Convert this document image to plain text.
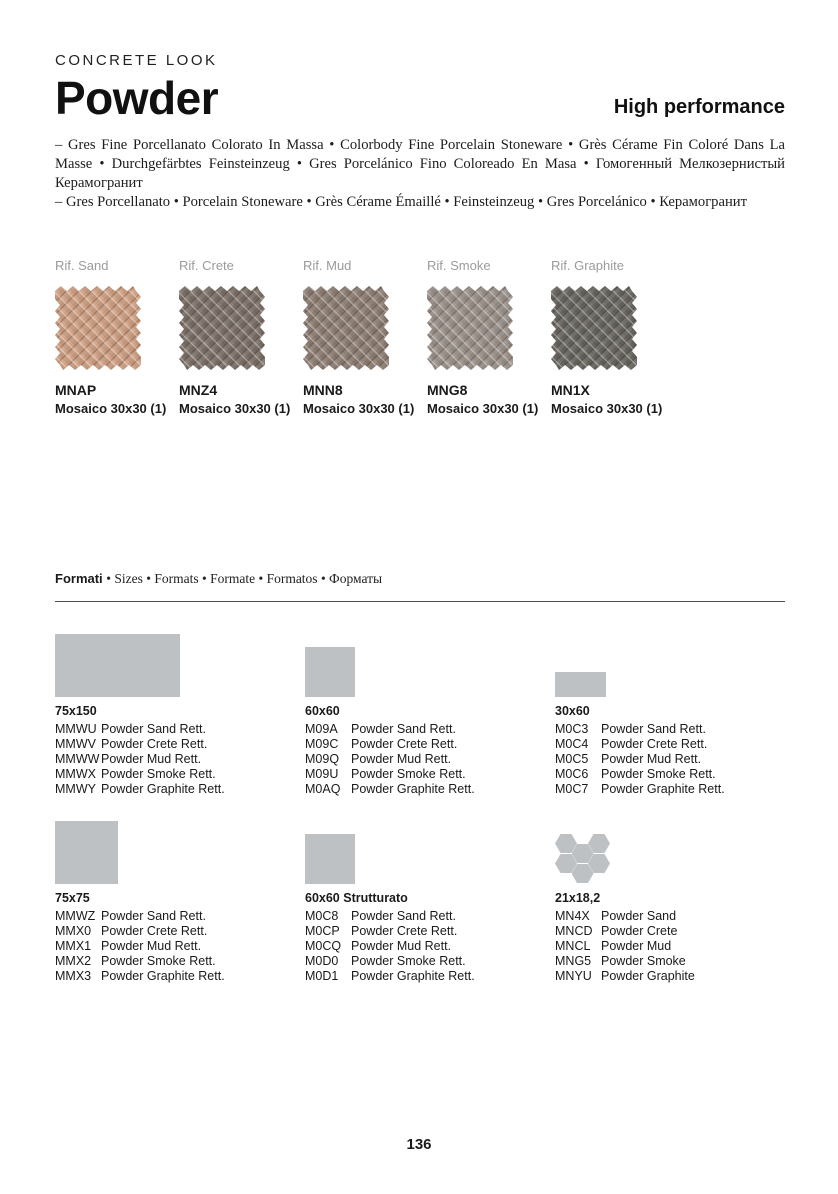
CONCRETE LOOK
Powder	High performance

– Gres Fine Porcellanato Colorato In Massa • Colorbody Fine Porcelain Stoneware • Grès Cérame Fin Coloré Dans La Masse • Durchgefärbtes Feinsteinzeug • Gres Porcelánico Fino Coloreado En Masa • Гомогенный Мелкозернистый Керамогранит

– Gres Porcellanato • Porcelain Stoneware • Grès Cérame Émaillé • Feinsteinzeug • Gres Porcelánico • Керамогранит

Rif. Sand
MNAP
Mosaico 30x30 (1)
Rif. Crete
MNZ4
Mosaico 30x30 (1)
Rif. Mud
MNN8
Mosaico 30x30 (1)
Rif. Smoke
MNG8
Mosaico 30x30 (1)
Rif. Graphite
MN1X
Mosaico 30x30 (1)
Formati • Sizes • Formats • Formate • Formatos • Форматы
75x150
MMWU Powder Sand Rett.
MMWV Powder Crete Rett.
MMWW Powder Mud Rett.
MMWX Powder Smoke Rett.
MMWY Powder Graphite Rett.
60x60
M09A	Powder Sand Rett.
M09C	Powder Crete Rett.
M09Q Powder Mud Rett.
M09U	Powder Smoke Rett.
M0AQ Powder Graphite Rett.
30x60
M0C3	Powder Sand Rett.
M0C4	Powder Crete Rett.
M0C5	Powder Mud Rett.
M0C6	Powder Smoke Rett.
M0C7	Powder Graphite Rett.
75x75
MMWZ Powder Sand Rett.
MMX0 Powder Crete Rett.
MMX1 Powder Mud Rett.
MMX2 Powder Smoke Rett.
MMX3 Powder Graphite Rett.
60x60 Strutturato
M0C8	Powder Sand Rett.
M0CP Powder Crete Rett.
M0CQ Powder Mud Rett.
M0D0	Powder Smoke Rett.
M0D1	Powder Graphite Rett.
21x18,2
MN4X Powder Sand
MNCD Powder Crete
MNCL Powder Mud
MNG5 Powder Smoke
MNYU Powder Graphite
136
